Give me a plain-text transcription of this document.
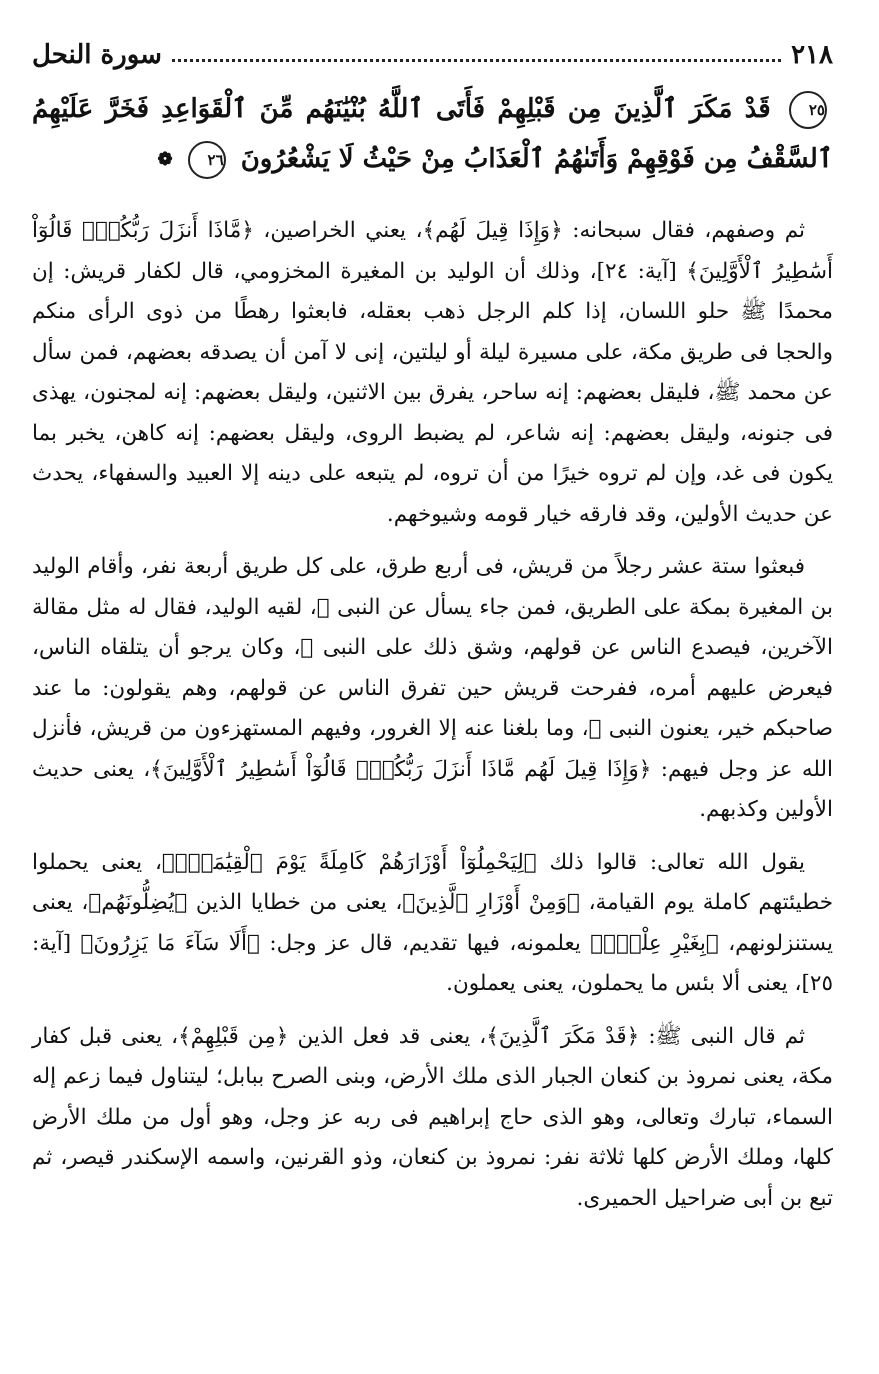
٢١٨
سورة النحل
٢٥ قَدْ مَكَرَ ٱلَّذِينَ مِن قَبْلِهِمْ فَأَتَى ٱللَّهُ بُنْيَٰنَهُم مِّنَ ٱلْقَوَاعِدِ فَخَرَّ عَلَيْهِمُ ٱلسَّقْفُ مِن فَوْقِهِمْ وَأَتَىٰهُمُ ٱلْعَذَابُ مِنْ حَيْثُ لَا يَشْعُرُونَ ٢٦ ❁

ثم وصفهم، فقال سبحانه: ﴿وَإِذَا قِيلَ لَهُم﴾، يعني الخراصين، ﴿مَّاذَا أَنزَلَ رَبُّكُمْۙ قَالُوٓاْ أَسَٰطِيرُ ٱلْأَوَّلِينَ﴾ [آية: ٢٤]، وذلك أن الوليد بن المغيرة المخزومي، قال لكفار قريش: إن محمدًا ﷺ حلو اللسان، إذا كلم الرجل ذهب بعقله، فابعثوا رهطًا من ذوى الرأى منكم والحجا فى طريق مكة، على مسيرة ليلة أو ليلتين، إنى لا آمن أن يصدقه بعضهم، فمن سأل عن محمد ﷺ، فليقل بعضهم: إنه ساحر، يفرق بين الاثنين، وليقل بعضهم: إنه لمجنون، يهذى فى جنونه، وليقل بعضهم: إنه شاعر، لم يضبط الروى، وليقل بعضهم: إنه كاهن، يخبر بما يكون فى غد، وإن لم تروه خيرًا من أن تروه، لم يتبعه على دينه إلا العبيد والسفهاء، يحدث عن حديث الأولين، وقد فارقه خيار قومه وشيوخهم.

فبعثوا ستة عشر رجلاً من قريش، فى أربع طرق، على كل طريق أربعة نفر، وأقام الوليد بن المغيرة بمكة على الطريق، فمن جاء يسأل عن النبى ﷺ، لقيه الوليد، فقال له مثل مقالة الآخرين، فيصدع الناس عن قولهم، وشق ذلك على النبى ﷺ، وكان يرجو أن يتلقاه الناس، فيعرض عليهم أمره، ففرحت قريش حين تفرق الناس عن قولهم، وهم يقولون: ما عند صاحبكم خير، يعنون النبى ﷺ، وما بلغنا عنه إلا الغرور، وفيهم المستهزءون من قريش، فأنزل الله عز وجل فيهم: ﴿وَإِذَا قِيلَ لَهُم مَّاذَا أَنزَلَ رَبُّكُمْۙ قَالُوٓاْ أَسَٰطِيرُ ٱلْأَوَّلِينَ﴾، يعنى حديث الأولين وكذبهم.

يقول الله تعالى: قالوا ذلك ﴿لِيَحْمِلُوٓاْ أَوْزَارَهُمْ كَامِلَةً يَوْمَ ٱلْقِيَٰمَةِۙ﴾، يعنى يحملوا خطيئتهم كاملة يوم القيامة، ﴿وَمِنْ أَوْزَارِ ٱلَّذِينَ﴾، يعنى من خطايا الذين ﴿يُضِلُّونَهُم﴾، يعنى يستنزلونهم، ﴿بِغَيْرِ عِلْمٍۗ﴾ يعلمونه، فيها تقديم، قال عز وجل: ﴿أَلَا سَآءَ مَا يَزِرُونَ﴾ [آية: ٢٥]، يعنى ألا بئس ما يحملون، يعنى يعملون.

ثم قال النبى ﷺ: ﴿قَدْ مَكَرَ ٱلَّذِينَ﴾، يعنى قد فعل الذين ﴿مِن قَبْلِهِمْ﴾، يعنى قبل كفار مكة، يعنى نمروذ بن كنعان الجبار الذى ملك الأرض، وبنى الصرح ببابل؛ ليتناول فيما زعم إله السماء، تبارك وتعالى، وهو الذى حاج إبراهيم فى ربه عز وجل، وهو أول من ملك الأرض كلها، وملك الأرض كلها ثلاثة نفر: نمروذ بن كنعان، وذو القرنين، واسمه الإسكندر قيصر، ثم تبع بن أبى ضراحيل الحميرى.
